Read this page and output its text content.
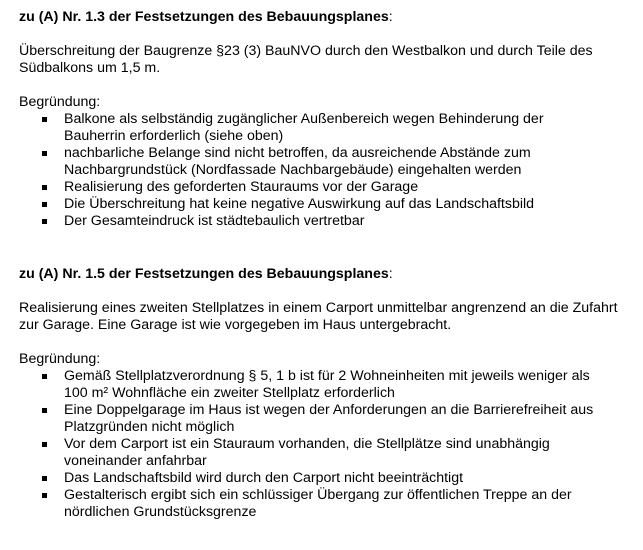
zu (A) Nr. 1.3 der Festsetzungen des Bebauungsplanes:

Überschreitung der Baugrenze §23 (3) BauNVO durch den Westbalkon und durch Teile des Südbalkons um 1,5 m.

Begründung:

Balkone als selbständig zugänglicher Außenbereich wegen Behinderung der
Bauherrin erforderlich (siehe oben)
nachbarliche Belange sind nicht betroffen, da ausreichende Abstände zum
Nachbargrundstück (Nordfassade Nachbargebäude) eingehalten werden
Realisierung des geforderten Stauraums vor der Garage
Die Überschreitung hat keine negative Auswirkung auf das Landschaftsbild
Der Gesamteindruck ist städtebaulich vertretbar

zu (A) Nr. 1.5 der Festsetzungen des Bebauungsplanes:

Realisierung eines zweiten Stellplatzes in einem Carport unmittelbar angrenzend an die Zufahrt zur Garage. Eine Garage ist wie vorgegeben im Haus untergebracht.

Begründung:

Gemäß Stellplatzverordnung § 5, 1 b ist für 2 Wohneinheiten mit jeweils weniger als
100 m² Wohnfläche ein zweiter Stellplatz erforderlich
Eine Doppelgarage im Haus ist wegen der Anforderungen an die Barrierefreiheit aus
Platzgründen nicht möglich
Vor dem Carport ist ein Stauraum vorhanden, die Stellplätze sind unabhängig
voneinander anfahrbar
Das Landschaftsbild wird durch den Carport nicht beeinträchtigt
Gestalterisch ergibt sich ein schlüssiger Übergang zur öffentlichen Treppe an der
nördlichen Grundstücksgrenze
